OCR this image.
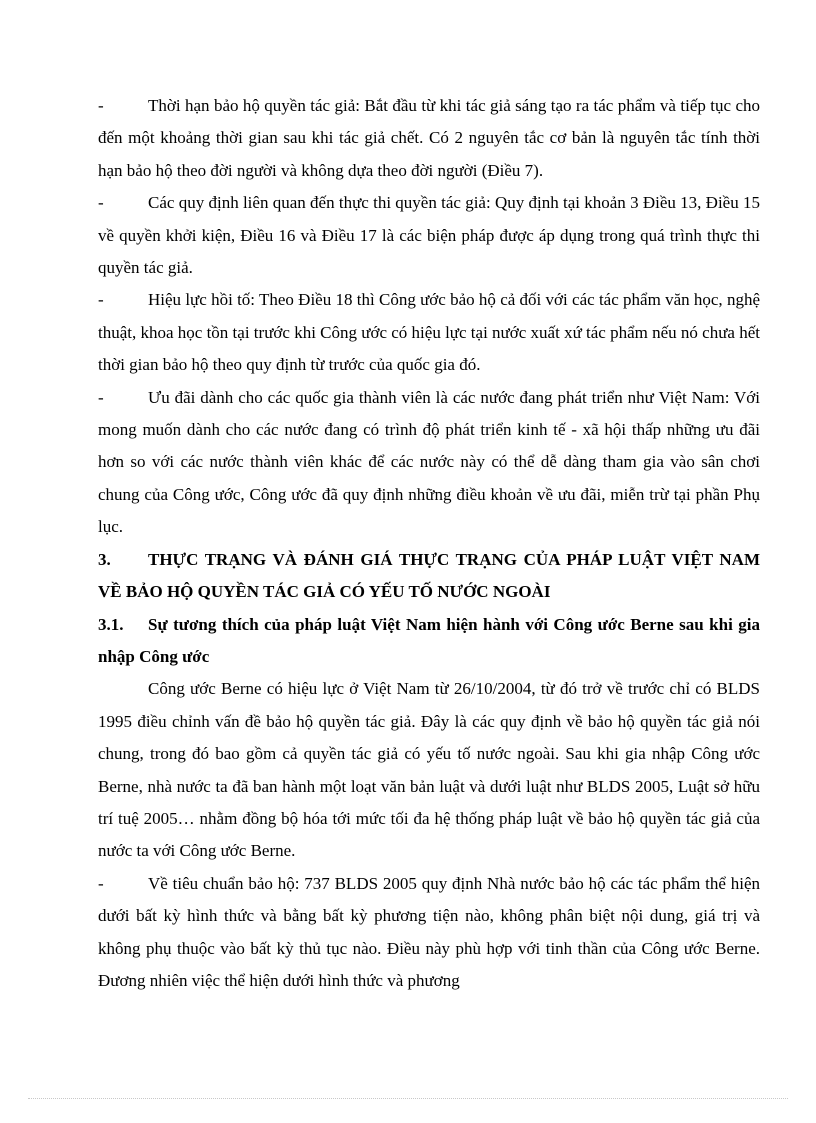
-	Thời hạn bảo hộ quyền tác giả: Bắt đầu từ khi tác giả sáng tạo ra tác phẩm và tiếp tục cho đến một khoảng thời gian sau khi tác giả chết. Có 2 nguyên tắc cơ bản là nguyên tắc tính thời hạn bảo hộ theo đời người và không dựa theo đời người (Điều 7).

-	Các quy định liên quan đến thực thi quyền tác giả: Quy định tại khoản 3 Điều 13, Điều 15 về quyền khởi kiện, Điều 16 và Điều 17 là các biện pháp được áp dụng trong quá trình thực thi quyền tác giả.

-	Hiệu lực hồi tố: Theo Điều 18 thì Công ước bảo hộ cả đối với các tác phẩm văn học, nghệ thuật, khoa học tồn tại trước khi Công ước có hiệu lực tại nước xuất xứ tác phẩm nếu nó chưa hết thời gian bảo hộ theo quy định từ trước của quốc gia đó.

-	Ưu đãi dành cho các quốc gia thành viên là các nước đang phát triển như Việt Nam: Với mong muốn dành cho các nước đang có trình độ phát triển kinh tế - xã hội thấp những ưu đãi hơn so với các nước thành viên khác để các nước này có thể dễ dàng tham gia vào sân chơi chung của Công ước, Công ước đã quy định những điều khoản về ưu đãi, miễn trừ tại phần Phụ lục.

3. THỰC TRẠNG VÀ ĐÁNH GIÁ THỰC TRẠNG CỦA PHÁP LUẬT VIỆT NAM VỀ BẢO HỘ QUYỀN TÁC GIẢ CÓ YẾU TỐ NƯỚC NGOÀI

3.1. Sự tương thích của pháp luật Việt Nam hiện hành với Công ước Berne sau khi gia nhập Công ước

Công ước Berne có hiệu lực ở Việt Nam từ 26/10/2004, từ đó trở về trước chỉ có BLDS 1995 điều chỉnh vấn đề bảo hộ quyền tác giả. Đây là các quy định về bảo hộ quyền tác giả nói chung, trong đó bao gồm cả quyền tác giả có yếu tố nước ngoài. Sau khi gia nhập Công ước Berne, nhà nước ta đã ban hành một loạt văn bản luật và dưới luật như BLDS 2005, Luật sở hữu trí tuệ 2005… nhằm đồng bộ hóa tới mức tối đa hệ thống pháp luật về bảo hộ quyền tác giả của nước ta với Công ước Berne.

-	Về tiêu chuẩn bảo hộ: 737 BLDS 2005 quy định Nhà nước bảo hộ các tác phẩm thể hiện dưới bất kỳ hình thức và bằng bất kỳ phương tiện nào, không phân biệt nội dung, giá trị và không phụ thuộc vào bất kỳ thủ tục nào. Điều này phù hợp với tinh thần của Công ước Berne. Đương nhiên việc thể hiện dưới hình thức và phương
